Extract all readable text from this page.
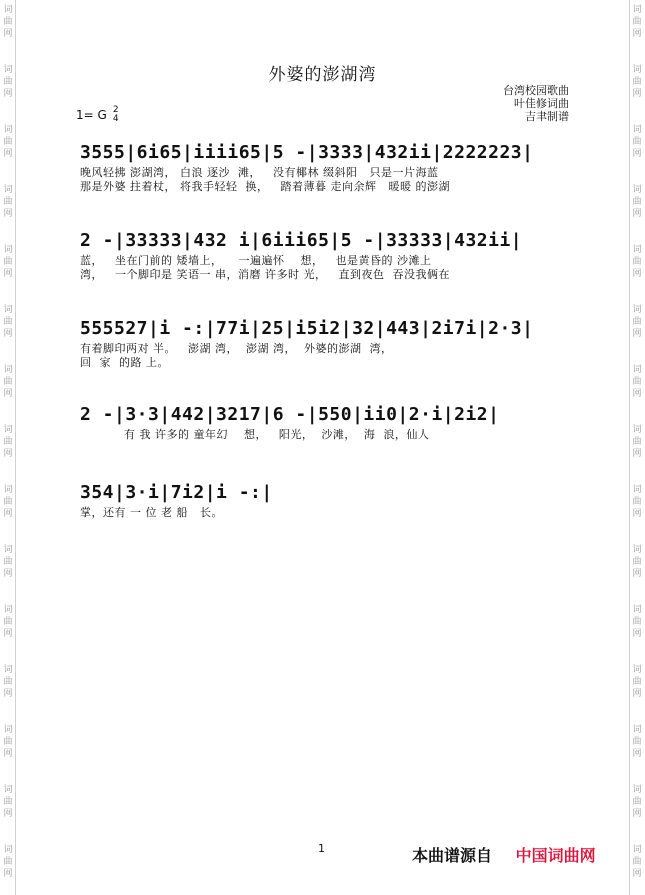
词
曲
网
词
曲
网
词
曲
网
词
曲
网
词
曲
网
词
曲
网
词
曲
网
词
曲
网
词
曲
网
词
曲
网
词
曲
网
词
曲
网
词
曲
网
词
曲
网
词
曲
网
词
曲
网
词
曲
网
词
曲
网
词
曲
网
词
曲
网
词
曲
网
词
曲
网
词
曲
网
词
曲
网
词
曲
网
词
曲
网
词
曲
网
词
曲
网
词
曲
网
词
曲
网
外婆的澎湖湾
台湾校园歌曲
叶佳修词曲
吉聿制谱
1= G 2
4
3555|6i65|iiii65|5 -|3333|432ii|2222223|
晚风轻拂 澎湖湾， 白浪 逐沙  滩，   没有椰林 缀斜阳   只是一片海蓝
那是外婆 拄着杖， 将我手轻轻  换，   踏着薄暮 走向余辉   暖暖 的澎湖
2 -|33333|432 i|6iii65|5 -|33333|432ii|
蓝，   坐在门前的 矮墙上，    一遍遍怀    想，   也是黄昏的 沙滩上
湾，   一个脚印是 笑语一 串，消磨 许多时 光，   直到夜色  吞没我俩在
555527|i -:|77i|25|i5i2|32|443|2i7i|2·3|
有着脚印两对 半。   澎湖 湾，  澎湖 湾，  外婆的澎湖  湾，
回  家  的路 上。
2 -|3·3|442|3217|6 -|550|ii0|2·i|2i2|
有 我 许多的 童年幻    想，   阳光，  沙滩，  海  浪，仙人
354|3·i|7i2|i -:|
掌，还有 一 位 老 船   长。
1	本曲谱源自 中国词曲网
